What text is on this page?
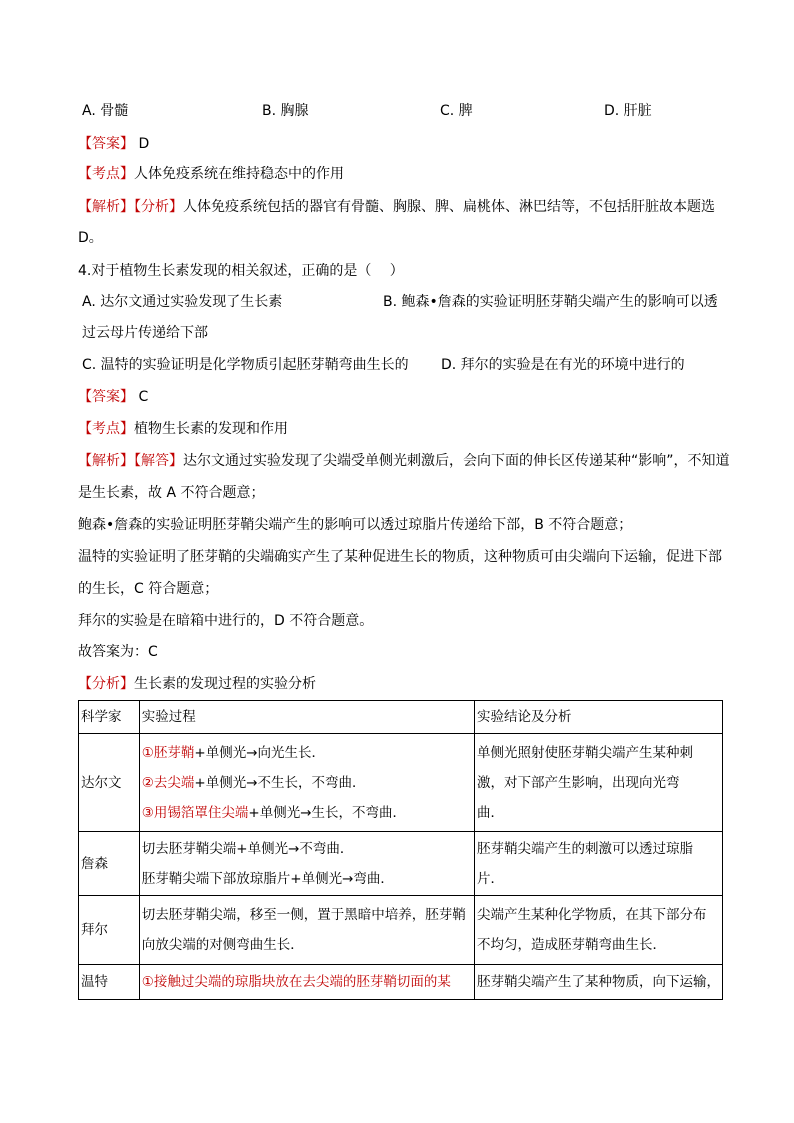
A. 骨髓	B. 胸腺	C. 脾	D. 肝脏
【答案】 D
【考点】人体免疫系统在维持稳态中的作用
【解析】【分析】人体免疫系统包括的器官有骨髓、胸腺、脾、扁桃体、淋巴结等，不包括肝脏故本题选
D。
4.对于植物生长素发现的相关叙述，正确的是（　 ）
A. 达尔文通过实验发现了生长素	B. 鲍森•詹森的实验证明胚芽鞘尖端产生的影响可以透
过云母片传递给下部
C. 温特的实验证明是化学物质引起胚芽鞘弯曲生长的 D. 拜尔的实验是在有光的环境中进行的
【答案】 C
【考点】植物生长素的发现和作用
【解析】【解答】达尔文通过实验发现了尖端受单侧光刺激后，会向下面的伸长区传递某种“影响”，不知道
是生长素，故 A 不符合题意；
鲍森•詹森的实验证明胚芽鞘尖端产生的影响可以透过琼脂片传递给下部，B 不符合题意；
温特的实验证明了胚芽鞘的尖端确实产生了某种促进生长的物质，这种物质可由尖端向下运输，促进下部
的生长，C 符合题意；
拜尔的实验是在暗箱中进行的，D 不符合题意。
故答案为：C
【分析】生长素的发现过程的实验分析
科学家	实验过程	实验结论及分析
达尔文	①胚芽鞘+单侧光→向光生长．
②去尖端+单侧光→不生长，不弯曲．
③用锡箔罩住尖端+单侧光→生长，不弯曲．	单侧光照射使胚芽鞘尖端产生某种刺
激，对下部产生影响，出现向光弯
曲．

詹森	切去胚芽鞘尖端+单侧光→不弯曲．
胚芽鞘尖端下部放琼脂片+单侧光→弯曲．	胚芽鞘尖端产生的刺激可以透过琼脂
片．

拜尔	切去胚芽鞘尖端，移至一侧，置于黑暗中培养，胚芽鞘
向放尖端的对侧弯曲生长．	尖端产生某种化学物质，在其下部分布
不均匀，造成胚芽鞘弯曲生长．

温特	①接触过尖端的琼脂块放在去尖端的胚芽鞘切面的某	胚芽鞘尖端产生了某种物质，向下运输，
